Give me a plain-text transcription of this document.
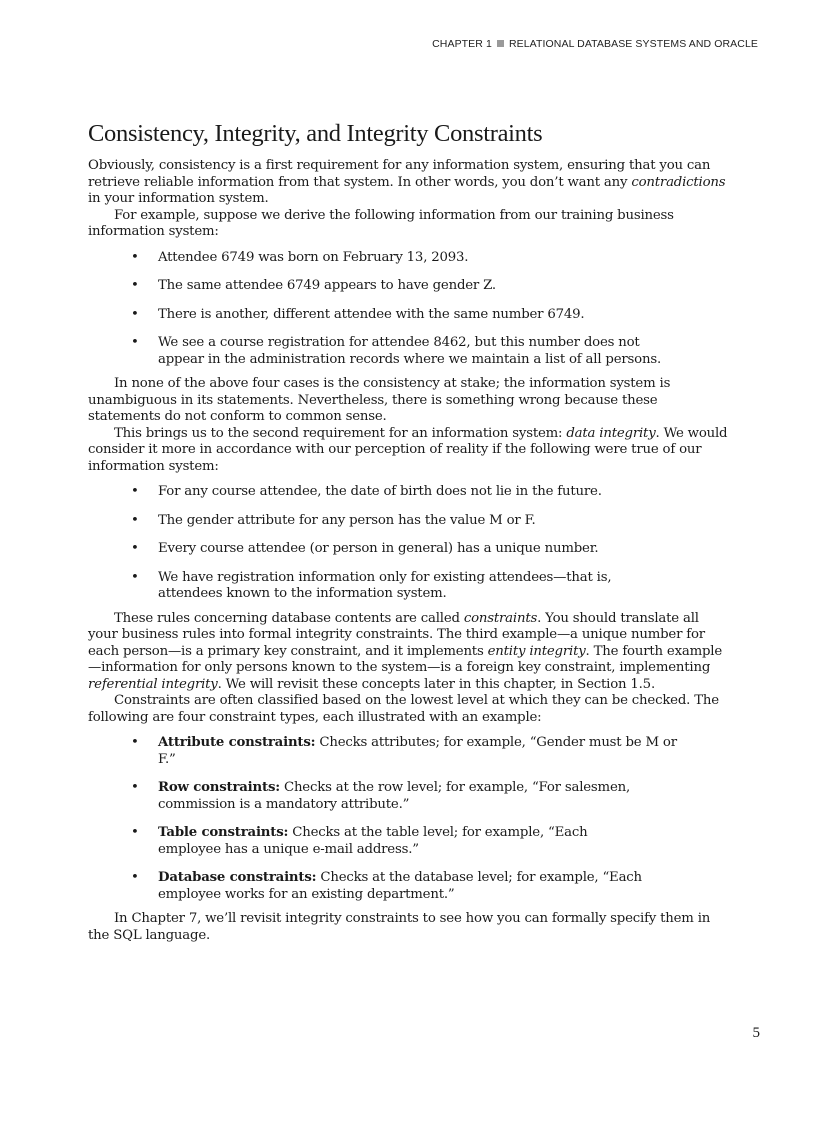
CHAPTER 1 RELATIONAL DATABASE SYSTEMS AND ORACLE
Consistency, Integrity, and Integrity Constraints

Obviously, consistency is a first requirement for any information system, ensuring that you can retrieve reliable information from that system. In other words, you don’t want any contradictions in your information system.

For example, suppose we derive the following information from our training business information system:

• Attendee 6749 was born on February 13, 2093.
• The same attendee 6749 appears to have gender Z.
• There is another, different attendee with the same number 6749.
• We see a course registration for attendee 8462, but this number does not appear in the administration records where we maintain a list of all persons.

In none of the above four cases is the consistency at stake; the information system is unambiguous in its statements. Nevertheless, there is something wrong because these statements do not conform to common sense.

This brings us to the second requirement for an information system: data integrity. We would consider it more in accordance with our perception of reality if the following were true of our information system:

• For any course attendee, the date of birth does not lie in the future.
• The gender attribute for any person has the value M or F.
• Every course attendee (or person in general) has a unique number.
• We have registration information only for existing attendees—that is, attendees known to the information system.

These rules concerning database contents are called constraints. You should translate all your business rules into formal integrity constraints. The third example—a unique number for each person—is a primary key constraint, and it implements entity integrity. The fourth example—information for only persons known to the system—is a foreign key constraint, implementing referential integrity. We will revisit these concepts later in this chapter, in Section 1.5.

Constraints are often classified based on the lowest level at which they can be checked. The following are four constraint types, each illustrated with an example:

• Attribute constraints: Checks attributes; for example, “Gender must be M or F.”
• Row constraints: Checks at the row level; for example, “For salesmen, commission is a mandatory attribute.”
• Table constraints: Checks at the table level; for example, “Each employee has a unique e-mail address.”
• Database constraints: Checks at the database level; for example, “Each employee works for an existing department.”

In Chapter 7, we’ll revisit integrity constraints to see how you can formally specify them in the SQL language.

5
